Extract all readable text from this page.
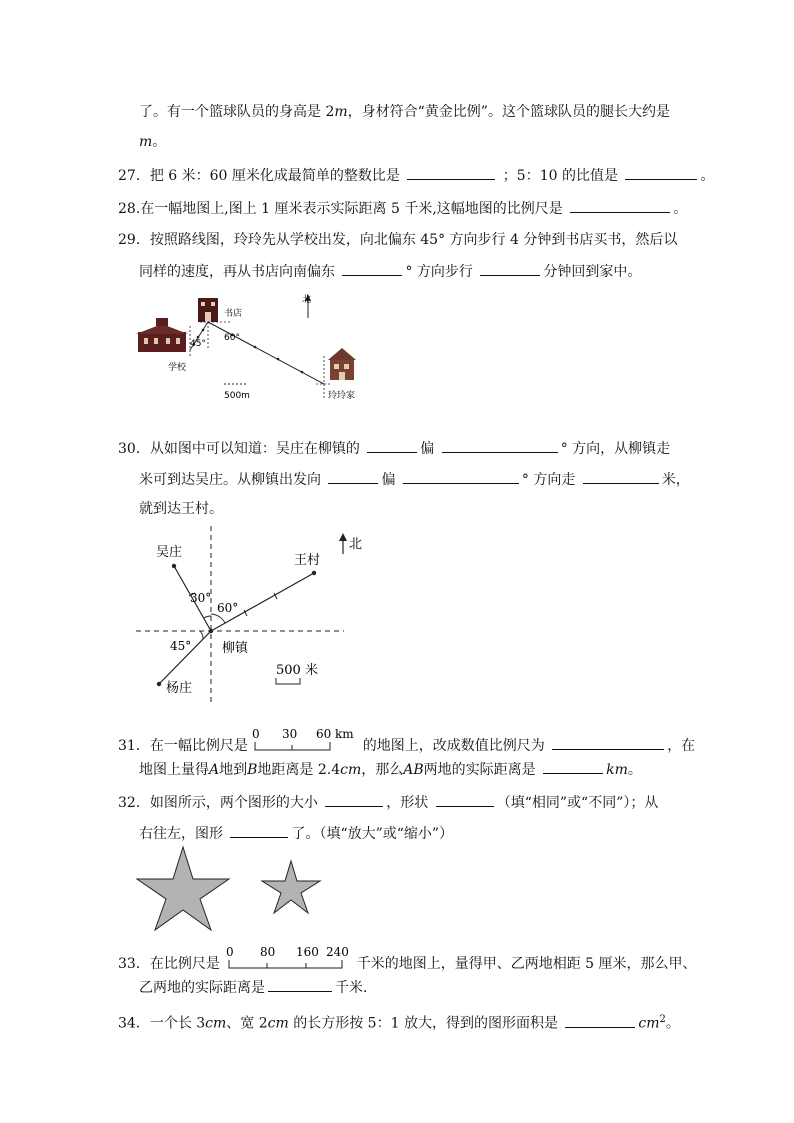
了。有一个篮球队员的身高是 2m，身材符合“黄金比例”。这个篮球队员的腿长大约是
m。
27．把 6 米：60 厘米化成最简单的整数比是	；5：10 的比值是	。
28.在一幅地图上,图上 1 厘米表示实际距离 5 千米,这幅地图的比例尺是	。
29．按照路线图，玲玲先从学校出发，向北偏东 45° 方向步行 4 分钟到书店买书，然后以
同样的速度，再从书店向南偏东	° 方向步行	分钟回到家中。
北
书店
学校
玲玲家
45°
60°
500m
30．从如图中可以知道：吴庄在柳镇的	偏	° 方向，从柳镇走
米可到达吴庄。从柳镇出发向	偏	° 方向走	米，
就到达王村。
吴庄
王村
柳镇
杨庄
30°
60°
45°
北
500 米
31．在一幅比例尺是
0 30 60 km
的地图上，改成数值比例尺为	，在
地图上量得A地到B地距离是 2.4cm，那么AB两地的实际距离是	km。
32．如图所示，两个图形的大小	，形状	（填“相同”或“不同”）；从
右往左，图形	了。（填“放大”或“缩小”）
33．在比例尺是
0 80 160 240
千米的地图上，量得甲、乙两地相距 5 厘米，那么甲、
乙两地的实际距离是	千米．
34．一个长 3cm、宽 2cm 的长方形按 5：1 放大，得到的图形面积是	$cm^2$。
